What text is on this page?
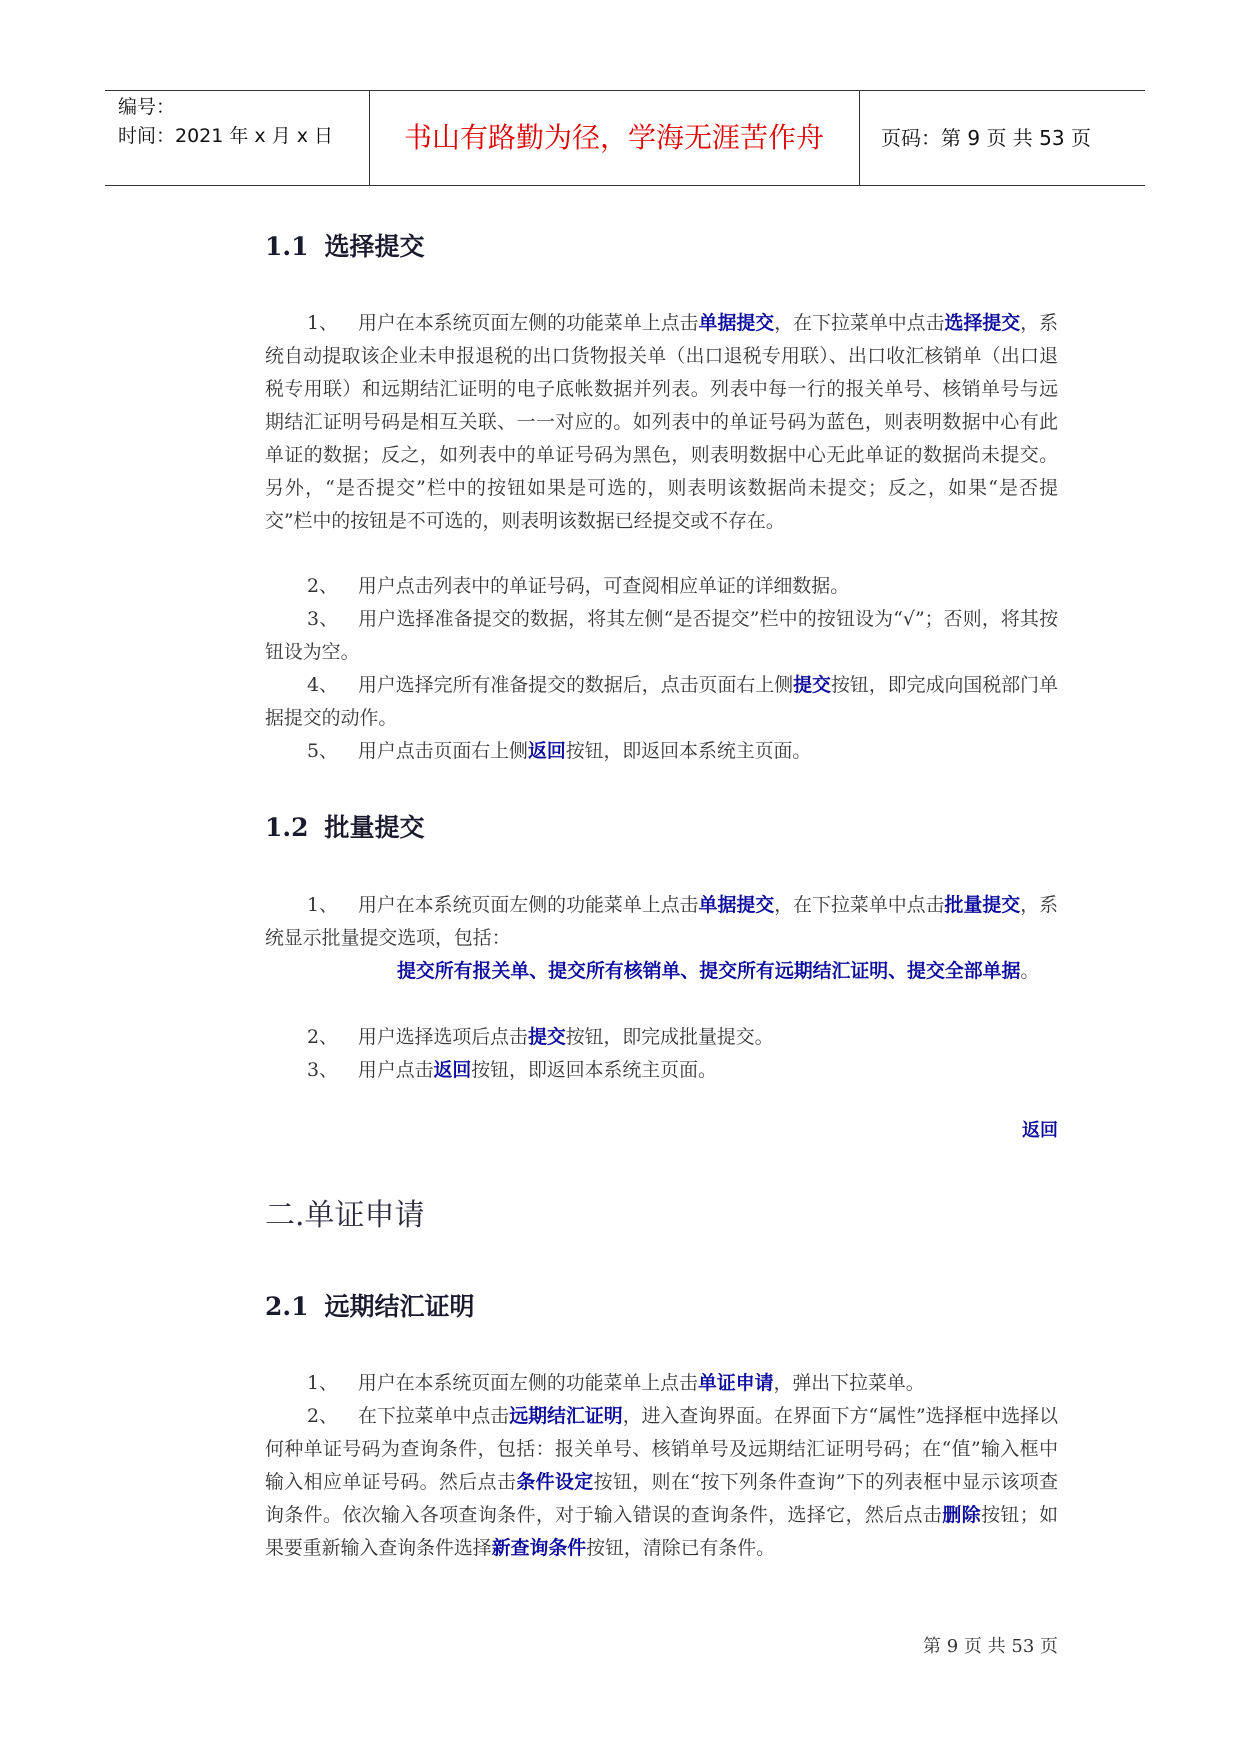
编号：
时间：2021 年 x 月 x 日	书山有路勤为径，学海无涯苦作舟	页码：第 9 页 共 53 页
1.1 选择提交
1、 用户在本系统页面左侧的功能菜单上点击单据提交，在下拉菜单中点击选择提交，系统自动提取该企业未申报退税的出口货物报关单（出口退税专用联）、出口收汇核销单（出口退税专用联）和远期结汇证明的电子底帐数据并列表。列表中每一行的报关单号、核销单号与远期结汇证明号码是相互关联、一一对应的。如列表中的单证号码为蓝色，则表明数据中心有此单证的数据；反之，如列表中的单证号码为黑色，则表明数据中心无此单证的数据尚未提交。另外，“是否提交”栏中的按钮如果是可选的，则表明该数据尚未提交；反之，如果“是否提交”栏中的按钮是不可选的，则表明该数据已经提交或不存在。
2、 用户点击列表中的单证号码，可查阅相应单证的详细数据。
3、 用户选择准备提交的数据，将其左侧“是否提交”栏中的按钮设为“√”；否则，将其按钮设为空。
4、 用户选择完所有准备提交的数据后，点击页面右上侧提交按钮，即完成向国税部门单据提交的动作。
5、 用户点击页面右上侧返回按钮，即返回本系统主页面。
1.2 批量提交
1、 用户在本系统页面左侧的功能菜单上点击单据提交，在下拉菜单中点击批量提交，系统显示批量提交选项，包括：
提交所有报关单、提交所有核销单、提交所有远期结汇证明、提交全部单据。
2、 用户选择选项后点击提交按钮，即完成批量提交。
3、 用户点击返回按钮，即返回本系统主页面。
返回
二.单证申请
2.1 远期结汇证明
1、 用户在本系统页面左侧的功能菜单上点击单证申请，弹出下拉菜单。
2、 在下拉菜单中点击远期结汇证明，进入查询界面。在界面下方“属性”选择框中选择以何种单证号码为查询条件，包括：报关单号、核销单号及远期结汇证明号码；在“值”输入框中输入相应单证号码。然后点击条件设定按钮，则在“按下列条件查询”下的列表框中显示该项查询条件。依次输入各项查询条件，对于输入错误的查询条件，选择它，然后点击删除按钮；如果要重新输入查询条件选择新查询条件按钮，清除已有条件。
第 9 页 共 53 页
